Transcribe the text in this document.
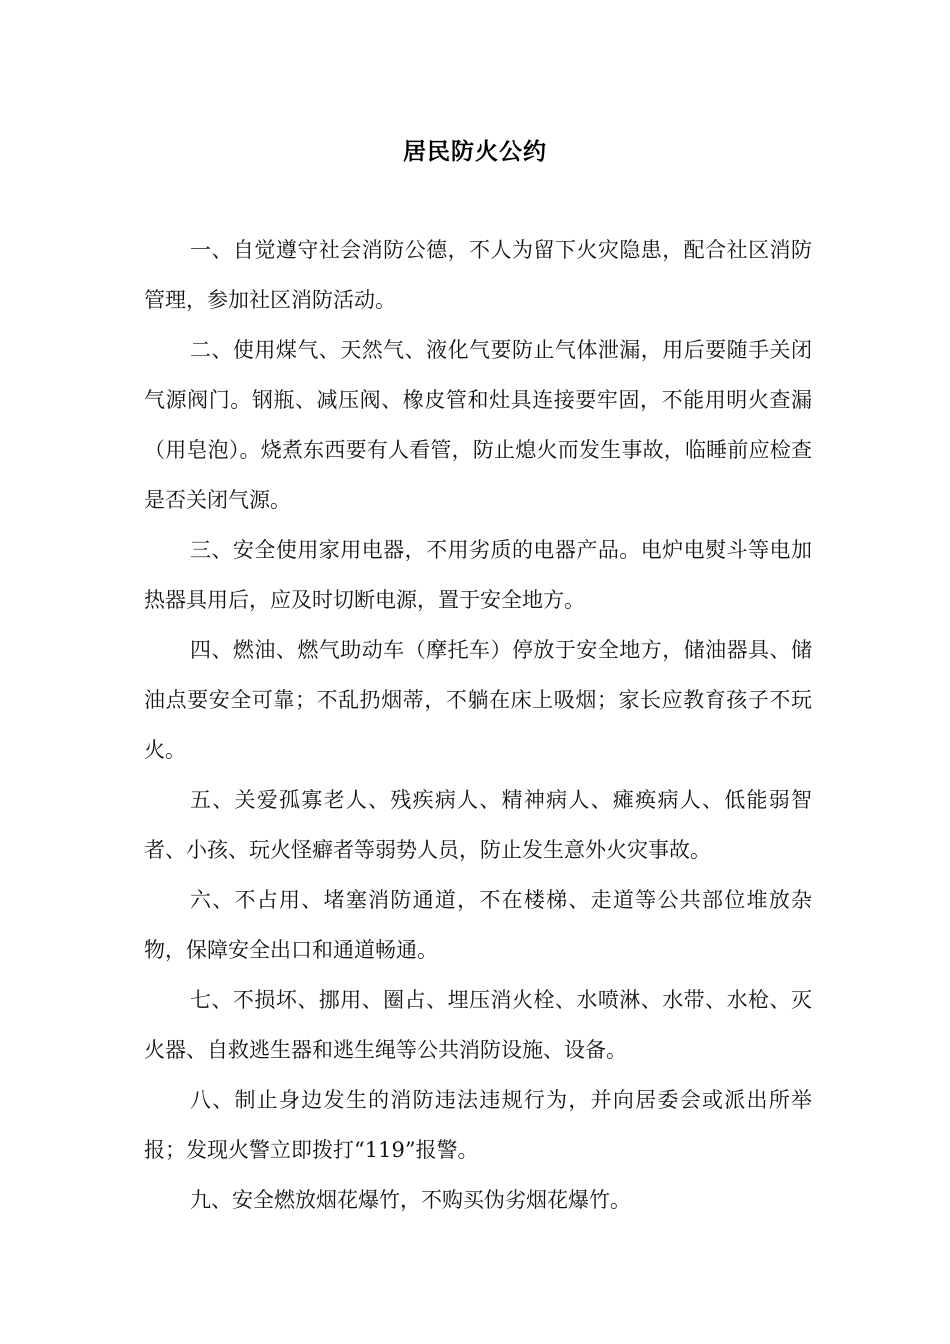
居民防火公约

一、自觉遵守社会消防公德，不人为留下火灾隐患，配合社区消防管理，参加社区消防活动。

二、使用煤气、天然气、液化气要防止气体泄漏，用后要随手关闭气源阀门。钢瓶、减压阀、橡皮管和灶具连接要牢固，不能用明火查漏（用皂泡）。烧煮东西要有人看管，防止熄火而发生事故，临睡前应检查是否关闭气源。

三、安全使用家用电器，不用劣质的电器产品。电炉电熨斗等电加热器具用后，应及时切断电源，置于安全地方。

四、燃油、燃气助动车（摩托车）停放于安全地方，储油器具、储油点要安全可靠；不乱扔烟蒂，不躺在床上吸烟；家长应教育孩子不玩火。

五、关爱孤寡老人、残疾病人、精神病人、瘫痪病人、低能弱智者、小孩、玩火怪癖者等弱势人员，防止发生意外火灾事故。

六、不占用、堵塞消防通道，不在楼梯、走道等公共部位堆放杂物，保障安全出口和通道畅通。

七、不损坏、挪用、圈占、埋压消火栓、水喷淋、水带、水枪、灭火器、自救逃生器和逃生绳等公共消防设施、设备。

八、制止身边发生的消防违法违规行为，并向居委会或派出所举报；发现火警立即拨打“119”报警。

九、安全燃放烟花爆竹，不购买伪劣烟花爆竹。
